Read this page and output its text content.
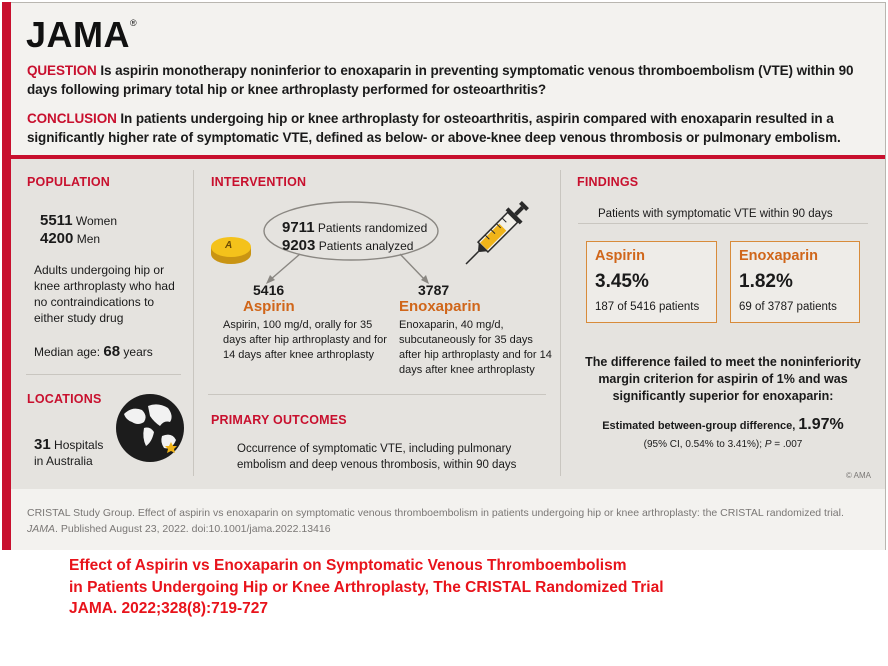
JAMA®
QUESTION Is aspirin monotherapy noninferior to enoxaparin in preventing symptomatic venous thromboembolism (VTE) within 90 days following primary total hip or knee arthroplasty performed for osteoarthritis?
CONCLUSION In patients undergoing hip or knee arthroplasty for osteoarthritis, aspirin compared with enoxaparin resulted in a significantly higher rate of symptomatic VTE, defined as below- or above-knee deep venous thrombosis or pulmonary embolism.
POPULATION
5511 Women
4200 Men
Adults undergoing hip or knee arthroplasty who had no contraindications to either study drug
Median age: 68 years
LOCATIONS
31 Hospitals
in Australia
INTERVENTION
9711 Patients randomized
9203 Patients analyzed
A
5416
Aspirin
Aspirin, 100 mg/d, orally for 35 days after hip arthroplasty and for 14 days after knee arthroplasty
3787
Enoxaparin
Enoxaparin, 40 mg/d, subcutaneously for 35 days after hip arthroplasty and for 14 days after knee arthroplasty
PRIMARY OUTCOMES
Occurrence of symptomatic VTE, including pulmonary embolism and deep venous thrombosis, within 90 days
FINDINGS
Patients with symptomatic VTE within 90 days
Aspirin
3.45%
187 of 5416 patients
Enoxaparin
1.82%
69 of 3787 patients
The difference failed to meet the noninferiority margin criterion for aspirin of 1% and was significantly superior for enoxaparin:
Estimated between-group difference, 1.97%
(95% CI, 0.54% to 3.41%); P = .007
© AMA
CRISTAL Study Group. Effect of aspirin vs enoxaparin on symptomatic venous thromboembolism in patients undergoing hip or knee arthroplasty: the CRISTAL randomized trial. JAMA. Published August 23, 2022. doi:10.1001/jama.2022.13416
Effect of Aspirin vs Enoxaparin on Symptomatic Venous Thromboembolism
in Patients Undergoing Hip or Knee Arthroplasty, The CRISTAL Randomized Trial
JAMA. 2022;328(8):719-727
